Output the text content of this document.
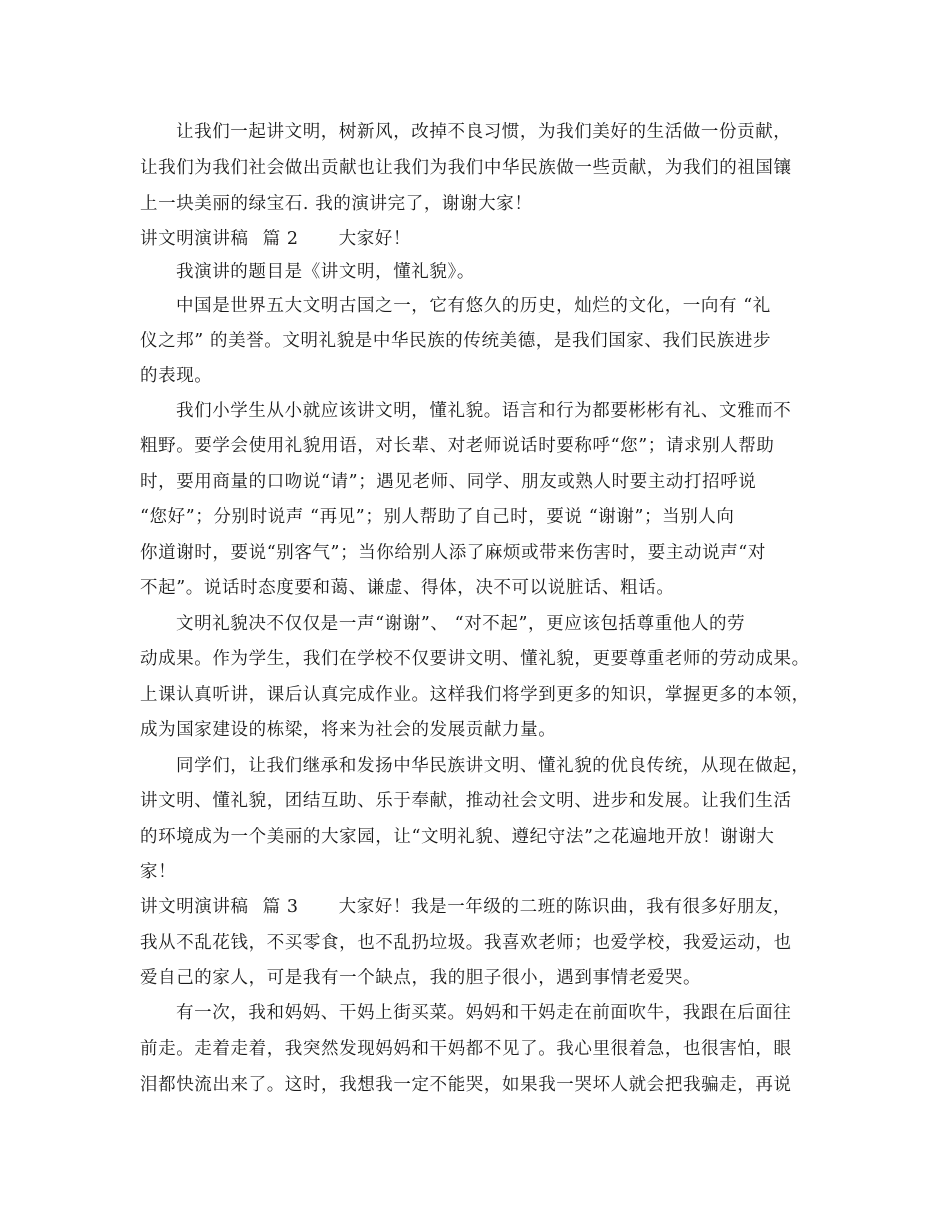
让我们一起讲文明，树新风，改掉不良习惯，为我们美好的生活做一份贡献，
让我们为我们社会做出贡献也让我们为我们中华民族做一些贡献，为我们的祖国镶
上一块美丽的绿宝石. 我的演讲完了，谢谢大家！
讲文明演讲稿 篇 2 大家好！
我演讲的题目是《讲文明，懂礼貌》。
中国是世界五大文明古国之一，它有悠久的历史，灿烂的文化，一向有 “礼
仪之邦” 的美誉。文明礼貌是中华民族的传统美德，是我们国家、我们民族进步
的表现。
我们小学生从小就应该讲文明，懂礼貌。语言和行为都要彬彬有礼、文雅而不
粗野。要学会使用礼貌用语，对长辈、对老师说话时要称呼“您”；请求别人帮助
时，要用商量的口吻说“请”；遇见老师、同学、朋友或熟人时要主动打招呼说
“您好”；分别时说声 “再见”；别人帮助了自己时，要说 “谢谢”；当别人向
你道谢时，要说“别客气”；当你给别人添了麻烦或带来伤害时，要主动说声“对
不起”。说话时态度要和蔼、谦虚、得体，决不可以说脏话、粗话。
文明礼貌决不仅仅是一声“谢谢”、 “对不起”，更应该包括尊重他人的劳
动成果。作为学生，我们在学校不仅要讲文明、懂礼貌，更要尊重老师的劳动成果。
上课认真听讲，课后认真完成作业。这样我们将学到更多的知识，掌握更多的本领，
成为国家建设的栋梁，将来为社会的发展贡献力量。
同学们，让我们继承和发扬中华民族讲文明、懂礼貌的优良传统，从现在做起，
讲文明、懂礼貌，团结互助、乐于奉献，推动社会文明、进步和发展。让我们生活
的环境成为一个美丽的大家园，让“文明礼貌、遵纪守法”之花遍地开放！谢谢大
家！
讲文明演讲稿 篇 3 大家好！我是一年级的二班的陈识曲，我有很多好朋友，
我从不乱花钱，不买零食，也不乱扔垃圾。我喜欢老师；也爱学校，我爱运动，也
爱自己的家人，可是我有一个缺点，我的胆子很小，遇到事情老爱哭。
有一次，我和妈妈、干妈上街买菜。妈妈和干妈走在前面吹牛，我跟在后面往
前走。走着走着，我突然发现妈妈和干妈都不见了。我心里很着急，也很害怕，眼
泪都快流出来了。这时，我想我一定不能哭，如果我一哭坏人就会把我骗走，再说
